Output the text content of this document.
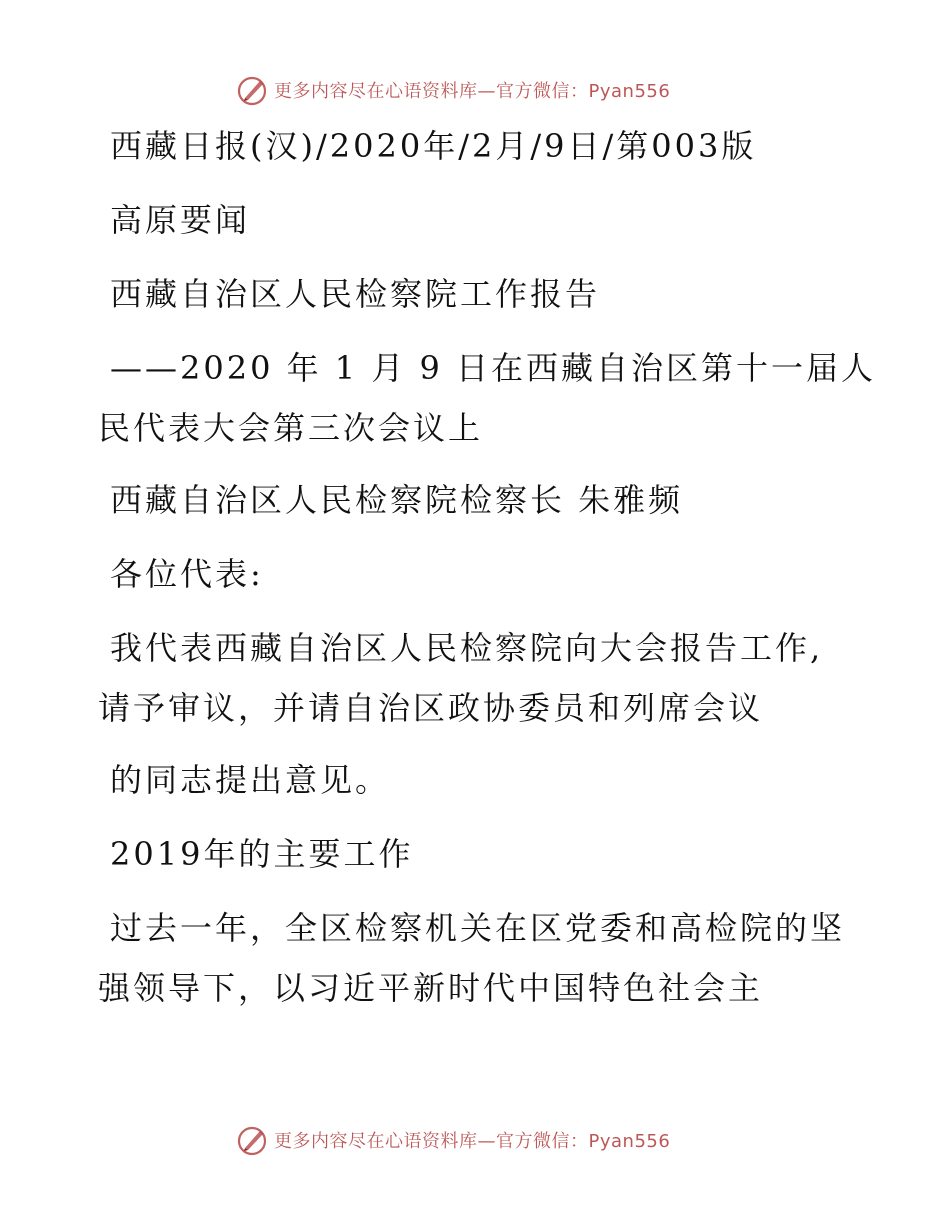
更多内容尽在心语资料库—官方微信：Pyan556
西藏日报(汉)/2020年/2月/9日/第003版
高原要闻
西藏自治区人民检察院工作报告
——2020 年 1 月 9 日在西藏自治区第十一届人
民代表大会第三次会议上
西藏自治区人民检察院检察长 朱雅频
各位代表:
我代表西藏自治区人民检察院向大会报告工作,
请予审议，并请自治区政协委员和列席会议
的同志提出意见。
2019年的主要工作
过去一年，全区检察机关在区党委和高检院的坚
强领导下，以习近平新时代中国特色社会主
更多内容尽在心语资料库—官方微信：Pyan556
